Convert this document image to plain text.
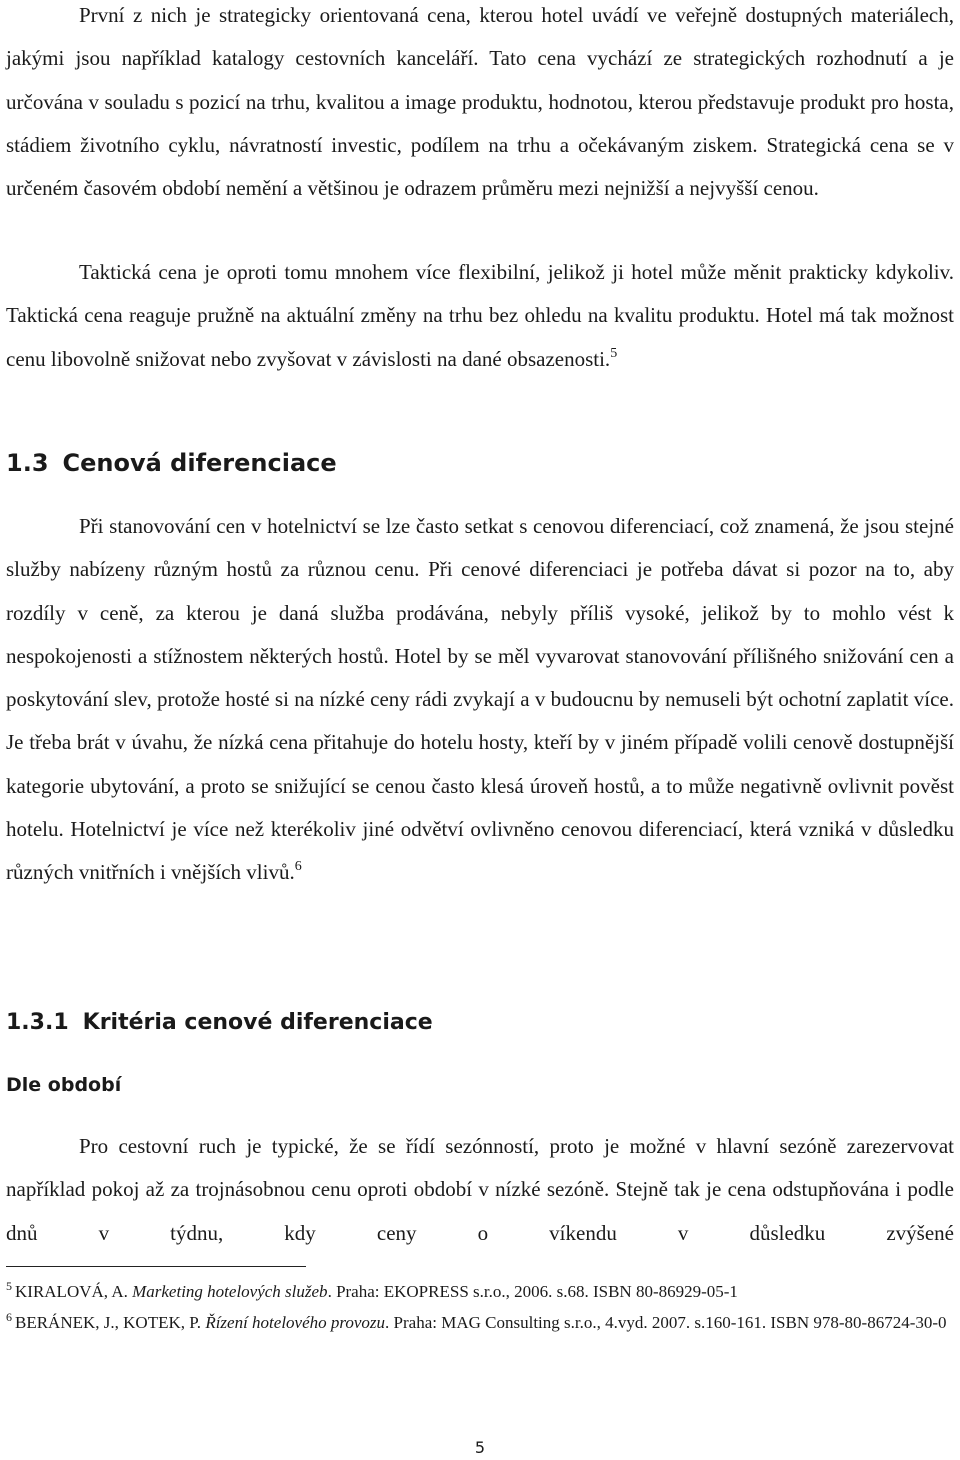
První z nich je strategicky orientovaná cena, kterou hotel uvádí ve veřejně dostupných materiálech, jakými jsou například katalogy cestovních kanceláří. Tato cena vychází ze strategických rozhodnutí a je určována v souladu s pozicí na trhu, kvalitou a image produktu, hodnotou, kterou představuje produkt pro hosta, stádiem životního cyklu, návratností investic, podílem na trhu a očekávaným ziskem. Strategická cena se v určeném časovém období nemění a většinou je odrazem průměru mezi nejnižší a nejvyšší cenou.

Taktická cena je oproti tomu mnohem více flexibilní, jelikož ji hotel může měnit prakticky kdykoliv. Taktická cena reaguje pružně na aktuální změny na trhu bez ohledu na kvalitu produktu. Hotel má tak možnost cenu libovolně snižovat nebo zvyšovat v závislosti na dané obsazenosti.$^5$

1.3 Cenová diferenciace

Při stanovování cen v hotelnictví se lze často setkat s cenovou diferenciací, což znamená, že jsou stejné služby nabízeny různým hostů za různou cenu. Při cenové diferenciaci je potřeba dávat si pozor na to, aby rozdíly v ceně, za kterou je daná služba prodávána, nebyly příliš vysoké, jelikož by to mohlo vést k nespokojenosti a stížnostem některých hostů. Hotel by se měl vyvarovat stanovování přílišného snižování cen a poskytování slev, protože hosté si na nízké ceny rádi zvykají a v budoucnu by nemuseli být ochotní zaplatit více. Je třeba brát v úvahu, že nízká cena přitahuje do hotelu hosty, kteří by v jiném případě volili cenově dostupnější kategorie ubytování, a proto se snižující se cenou často klesá úroveň hostů, a to může negativně ovlivnit pověst hotelu. Hotelnictví je více než kterékoliv jiné odvětví ovlivněno cenovou diferenciací, která vzniká v důsledku různých vnitřních i vnějších vlivů.$^6$

1.3.1 Kritéria cenové diferenciace
Dle období

Pro cestovní ruch je typické, že se řídí sezónností, proto je možné v hlavní sezóně zarezervovat například pokoj až za trojnásobnou cenu oproti období v nízké sezóně. Stejně tak je cena odstupňována i podle dnů v týdnu, kdy ceny o víkendu v důsledku zvýšené

$^5$ KIRALOVÁ, A. Marketing hotelových služeb. Praha: EKOPRESS s.r.o., 2006. s.68. ISBN 80-86929-05-1

$^6$ BERÁNEK, J., KOTEK, P. Řízení hotelového provozu. Praha: MAG Consulting s.r.o., 4.vyd. 2007. s.160-161. ISBN 978-80-86724-30-0

5
